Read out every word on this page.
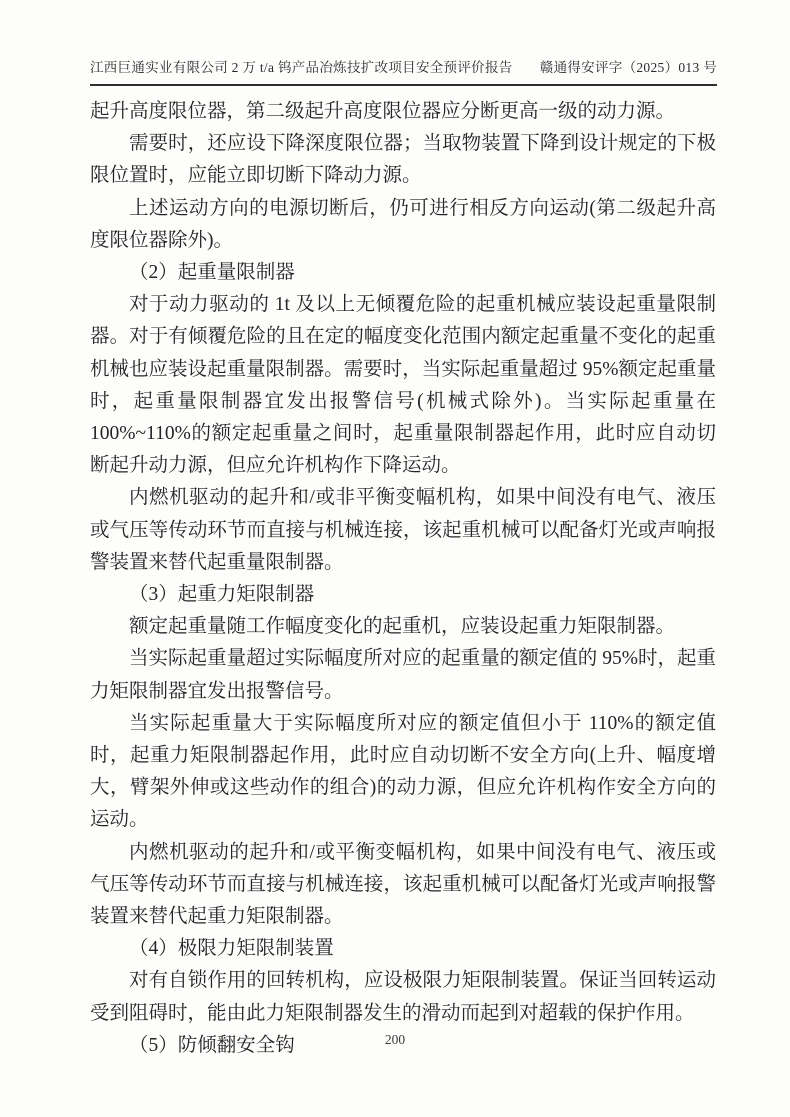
江西巨通实业有限公司 2 万 t/a 钨产品冶炼技扩改项目安全预评价报告 赣通得安评字（2025）013 号

起升高度限位器，第二级起升高度限位器应分断更高一级的动力源。

需要时，还应设下降深度限位器；当取物装置下降到设计规定的下极限位置时，应能立即切断下降动力源。

上述运动方向的电源切断后，仍可进行相反方向运动(第二级起升高度限位器除外)。

（2）起重量限制器

对于动力驱动的 1t 及以上无倾覆危险的起重机械应装设起重量限制器。对于有倾覆危险的且在定的幅度变化范围内额定起重量不变化的起重机械也应装设起重量限制器。需要时，当实际起重量超过 95%额定起重量时，起重量限制器宜发出报警信号(机械式除外)。当实际起重量在 100%~110%的额定起重量之间时，起重量限制器起作用，此时应自动切断起升动力源，但应允许机构作下降运动。

内燃机驱动的起升和/或非平衡变幅机构，如果中间没有电气、液压或气压等传动环节而直接与机械连接，该起重机械可以配备灯光或声响报警装置来替代起重量限制器。

（3）起重力矩限制器

额定起重量随工作幅度变化的起重机，应装设起重力矩限制器。

当实际起重量超过实际幅度所对应的起重量的额定值的 95%时，起重力矩限制器宜发出报警信号。

当实际起重量大于实际幅度所对应的额定值但小于 110%的额定值时，起重力矩限制器起作用，此时应自动切断不安全方向(上升、幅度增大，臂架外伸或这些动作的组合)的动力源，但应允许机构作安全方向的运动。

内燃机驱动的起升和/或平衡变幅机构，如果中间没有电气、液压或气压等传动环节而直接与机械连接，该起重机械可以配备灯光或声响报警装置来替代起重力矩限制器。

（4）极限力矩限制装置

对有自锁作用的回转机构，应设极限力矩限制装置。保证当回转运动受到阻碍时，能由此力矩限制器发生的滑动而起到对超载的保护作用。

（5）防倾翻安全钩	200
